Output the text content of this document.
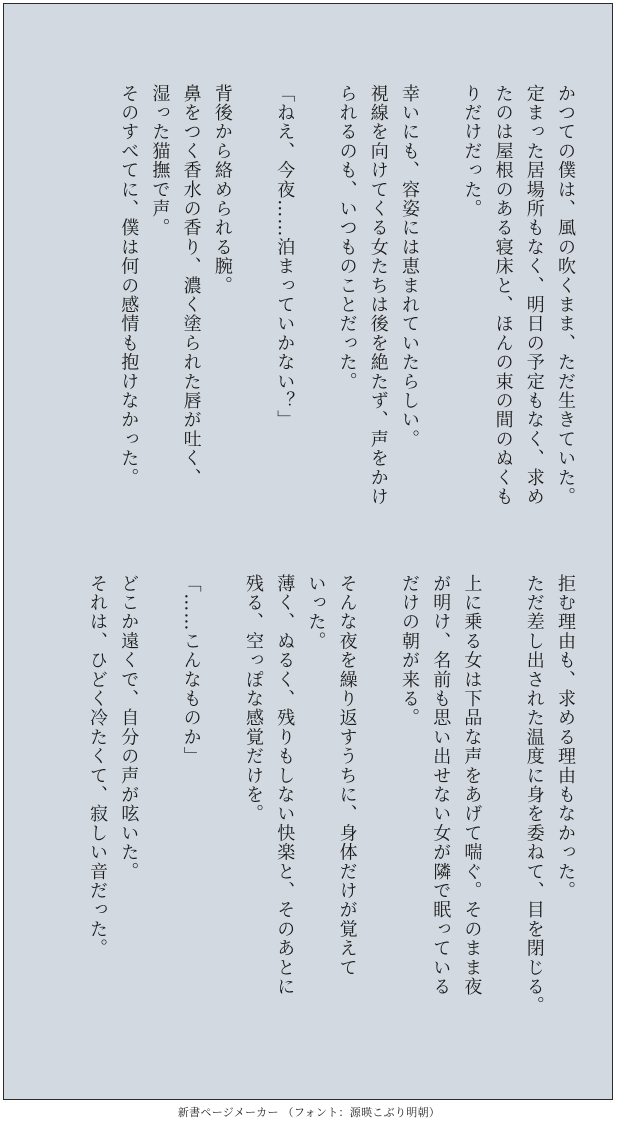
かつての僕は、風の吹くまま、ただ生きていた。

定まった居場所もなく、明日の予定もなく、求め

たのは屋根のある寝床と、ほんの束の間のぬくも

りだけだった。

幸いにも、容姿には恵まれていたらしい。

視線を向けてくる女たちは後を絶たず、声をかけ

られるのも、いつものことだった。

「ねえ、今夜……泊まっていかない？」

背後から絡められる腕。

鼻をつく香水の香り、濃く塗られた唇が吐く、

湿った猫撫で声。

そのすべてに、僕は何の感情も抱けなかった。

拒む理由も、求める理由もなかった。

ただ差し出された温度に身を委ねて、目を閉じる。

上に乗る女は下品な声をあげて喘ぐ。そのまま夜

が明け、名前も思い出せない女が隣で眠っている

だけの朝が来る。

そんな夜を繰り返すうちに、身体だけが覚えて

いった。

薄く、ぬるく、残りもしない快楽と、そのあとに

残る、空っぽな感覚だけを。

「……こんなものか」

どこか遠くで、自分の声が呟いた。

それは、ひどく冷たくて、寂しい音だった。

新書ページメーカー （フォント：源暎こぶり明朝）
